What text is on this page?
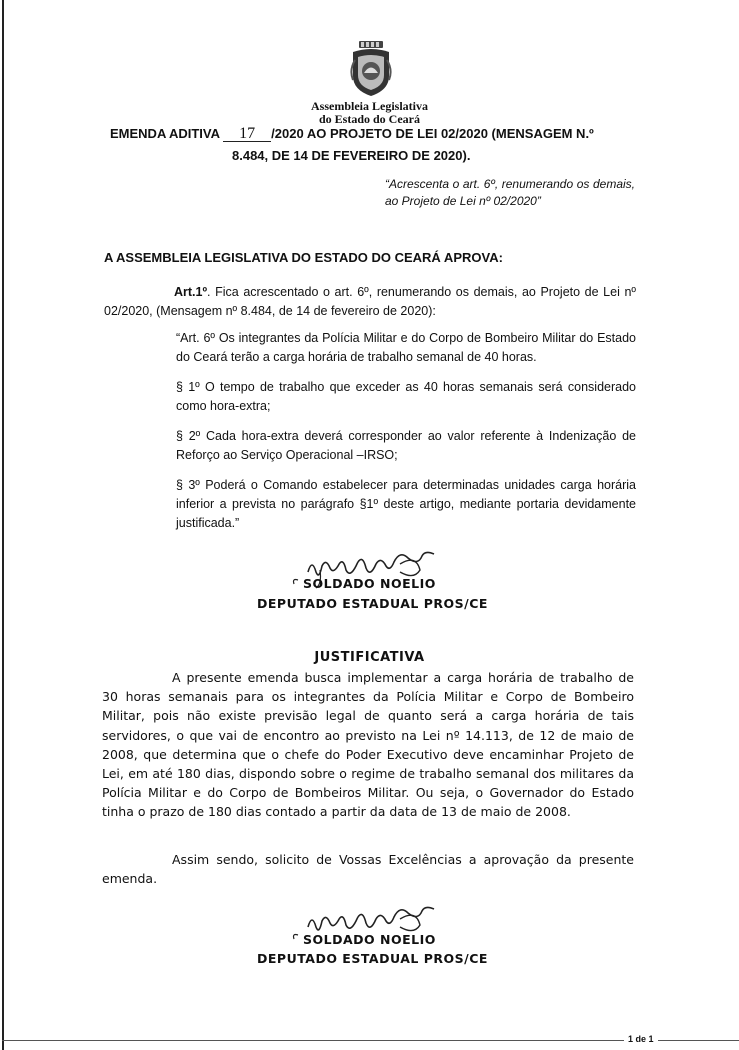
Assembleia Legislativa
do Estado do Ceará
EMENDA ADITIVA 17 /2020 AO PROJETO DE LEI 02/2020 (MENSAGEM N.º
8.484, DE 14 DE FEVEREIRO DE 2020).
“Acrescenta o art. 6º, renumerando os demais, ao Projeto de Lei nº 02/2020”
A ASSEMBLEIA LEGISLATIVA DO ESTADO DO CEARÁ APROVA:
Art.1º. Fica acrescentado o art. 6º, renumerando os demais, ao Projeto de Lei nº 02/2020, (Mensagem nº 8.484, de 14 de fevereiro de 2020):
“Art. 6º Os integrantes da Polícia Militar e do Corpo de Bombeiro Militar do Estado do Ceará terão a carga horária de trabalho semanal de 40 horas.
§ 1º O tempo de trabalho que exceder as 40 horas semanais será considerado como hora-extra;
§ 2º Cada hora-extra deverá corresponder ao valor referente à Indenização de Reforço ao Serviço Operacional –IRSO;
§ 3º Poderá o Comando estabelecer para determinadas unidades carga horária inferior a prevista no parágrafo §1º deste artigo, mediante portaria devidamente justificada.”
SOLDADO NOELIO
DEPUTADO ESTADUAL PROS/CE
JUSTIFICATIVA
A presente emenda busca implementar a carga horária de trabalho de 30 horas semanais para os integrantes da Polícia Militar e Corpo de Bombeiro Militar, pois não existe previsão legal de quanto será a carga horária de tais servidores, o que vai de encontro ao previsto na Lei nº 14.113, de 12 de maio de 2008, que determina que o chefe do Poder Executivo deve encaminhar Projeto de Lei, em até 180 dias, dispondo sobre o regime de trabalho semanal dos militares da Polícia Militar e do Corpo de Bombeiros Militar. Ou seja, o Governador do Estado tinha o prazo de 180 dias contado a partir da data de 13 de maio de 2008.
Assim sendo, solicito de Vossas Excelências a aprovação da presente emenda.
SOLDADO NOELIO
DEPUTADO ESTADUAL PROS/CE
1 de 1
